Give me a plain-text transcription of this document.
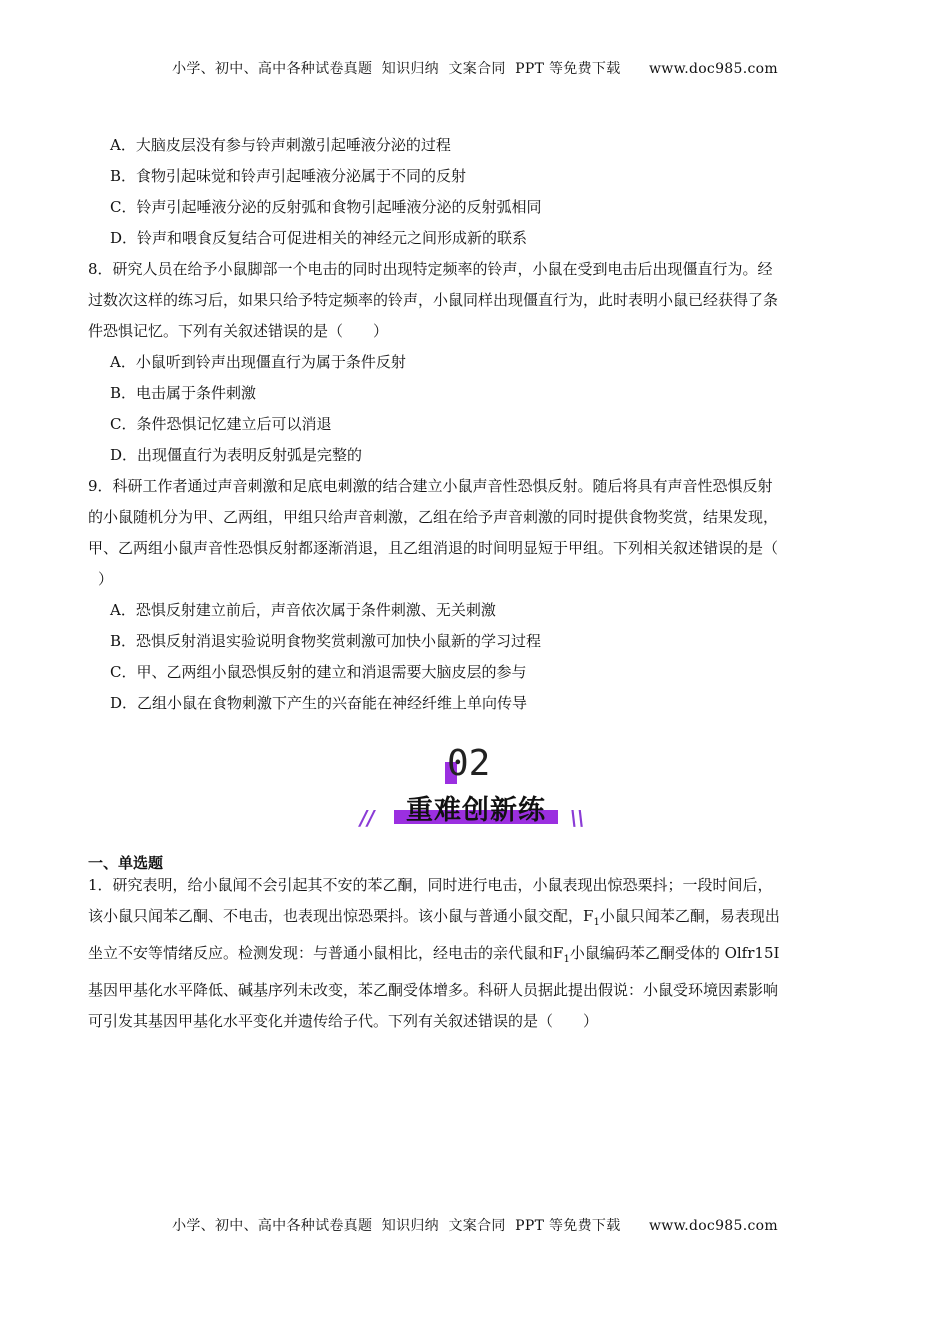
小学、初中、高中各种试卷真题  知识归纳  文案合同  PPT 等免费下载      www.doc985.com
A．大脑皮层没有参与铃声刺激引起唾液分泌的过程
B．食物引起味觉和铃声引起唾液分泌属于不同的反射
C．铃声引起唾液分泌的反射弧和食物引起唾液分泌的反射弧相同
D．铃声和喂食反复结合可促进相关的神经元之间形成新的联系
8．研究人员在给予小鼠脚部一个电击的同时出现特定频率的铃声，小鼠在受到电击后出现僵直行为。经
过数次这样的练习后，如果只给予特定频率的铃声，小鼠同样出现僵直行为，此时表明小鼠已经获得了条
件恐惧记忆。下列有关叙述错误的是（　　）
A．小鼠听到铃声出现僵直行为属于条件反射
B．电击属于条件刺激
C．条件恐惧记忆建立后可以消退
D．出现僵直行为表明反射弧是完整的
9．科研工作者通过声音刺激和足底电刺激的结合建立小鼠声音性恐惧反射。随后将具有声音性恐惧反射
的小鼠随机分为甲、乙两组，甲组只给声音刺激，乙组在给予声音刺激的同时提供食物奖赏，结果发现，
甲、乙两组小鼠声音性恐惧反射都逐渐消退，且乙组消退的时间明显短于甲组。下列相关叙述错误的是（
）
A．恐惧反射建立前后，声音依次属于条件刺激、无关刺激
B．恐惧反射消退实验说明食物奖赏刺激可加快小鼠新的学习过程
C．甲、乙两组小鼠恐惧反射的建立和消退需要大脑皮层的参与
D．乙组小鼠在食物刺激下产生的兴奋能在神经纤维上单向传导
02
//	重难创新练	\\
一、单选题
1．研究表明，给小鼠闻不会引起其不安的苯乙酮，同时进行电击，小鼠表现出惊恐栗抖；一段时间后，
该小鼠只闻苯乙酮、不电击，也表现出惊恐栗抖。该小鼠与普通小鼠交配，$F_1$小鼠只闻苯乙酮，易表现出
坐立不安等情绪反应。检测发现：与普通小鼠相比，经电击的亲代鼠和$F_1$小鼠编码苯乙酮受体的 Olfr15I
基因甲基化水平降低、碱基序列未改变，苯乙酮受体增多。科研人员据此提出假说：小鼠受环境因素影响
可引发其基因甲基化水平变化并遗传给子代。下列有关叙述错误的是（　　）
小学、初中、高中各种试卷真题  知识归纳  文案合同  PPT 等免费下载      www.doc985.com
